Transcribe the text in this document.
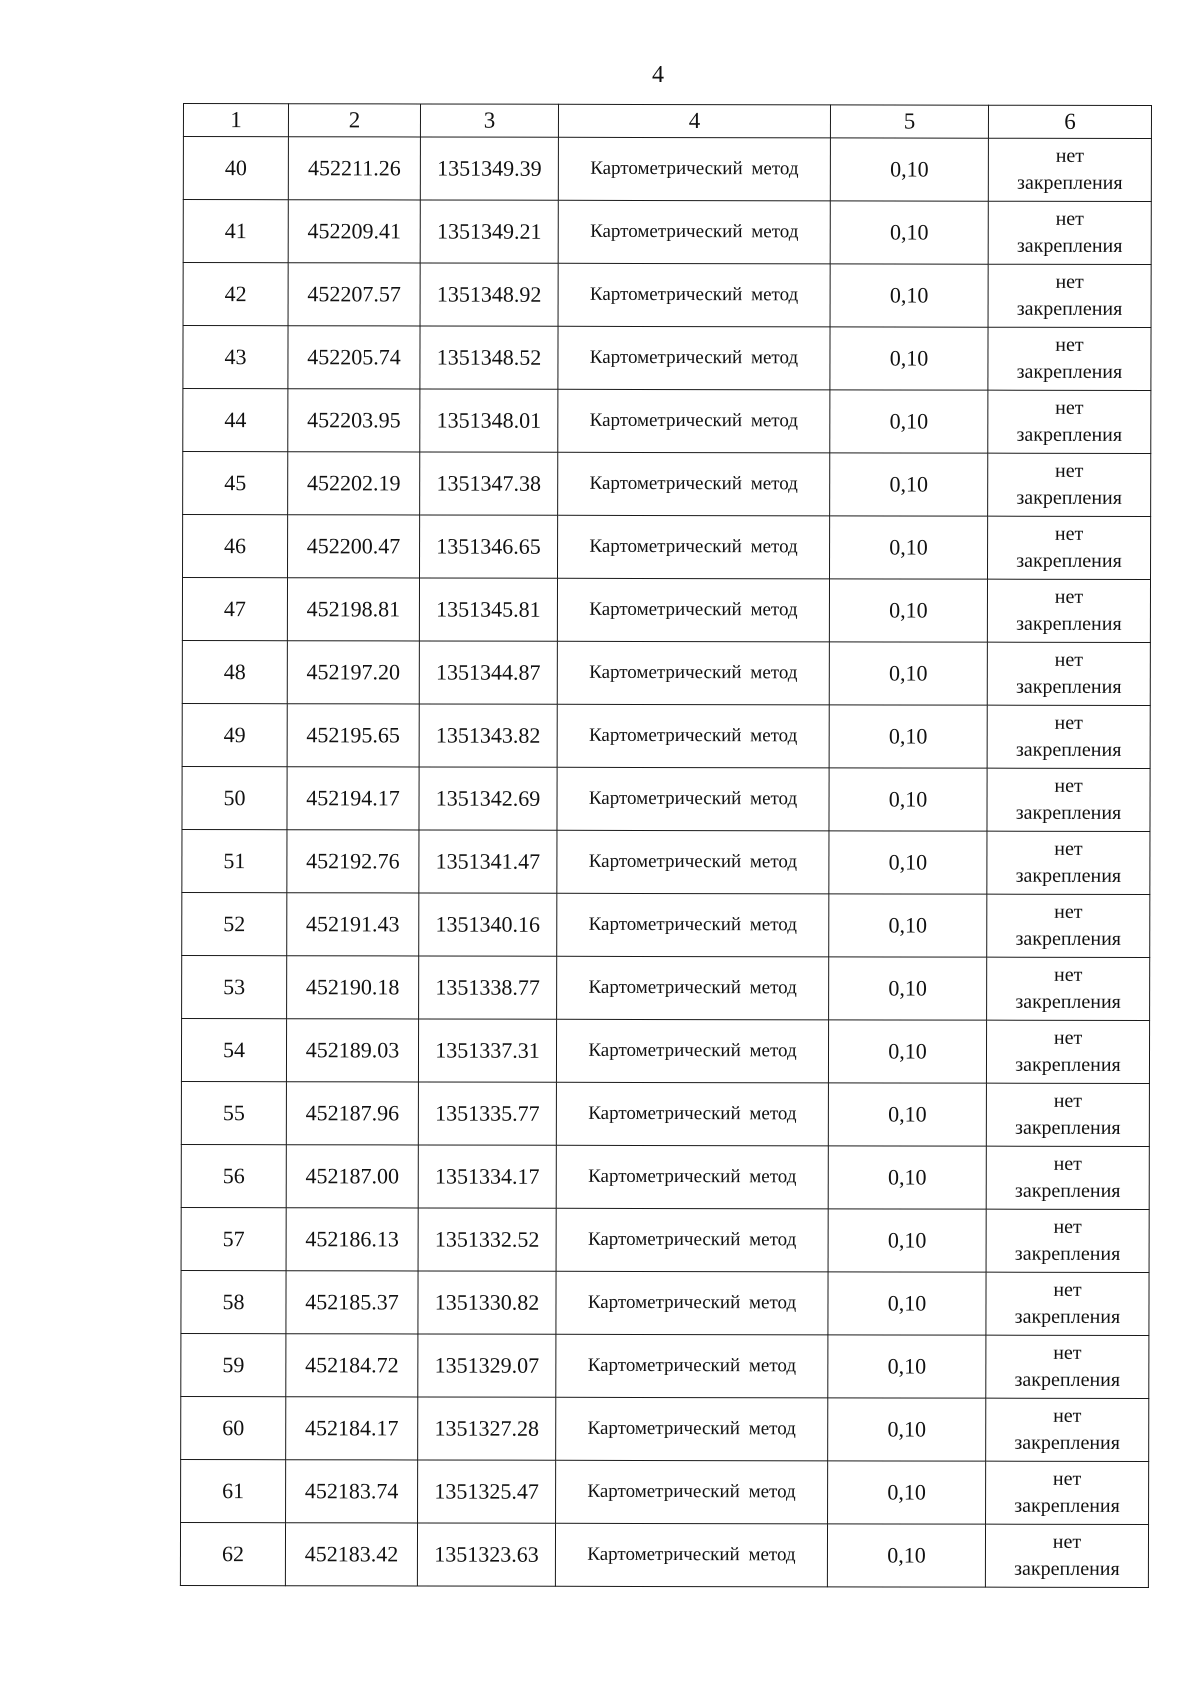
4
1	2	3	4	5	6
40	452211.26	1351349.39	Картометрический метод	0,10	нет
закрепления

41	452209.41	1351349.21	Картометрический метод	0,10	нет
закрепления

42	452207.57	1351348.92	Картометрический метод	0,10	нет
закрепления

43	452205.74	1351348.52	Картометрический метод	0,10	нет
закрепления

44	452203.95	1351348.01	Картометрический метод	0,10	нет
закрепления

45	452202.19	1351347.38	Картометрический метод	0,10	нет
закрепления

46	452200.47	1351346.65	Картометрический метод	0,10	нет
закрепления

47	452198.81	1351345.81	Картометрический метод	0,10	нет
закрепления

48	452197.20	1351344.87	Картометрический метод	0,10	нет
закрепления

49	452195.65	1351343.82	Картометрический метод	0,10	нет
закрепления

50	452194.17	1351342.69	Картометрический метод	0,10	нет
закрепления

51	452192.76	1351341.47	Картометрический метод	0,10	нет
закрепления

52	452191.43	1351340.16	Картометрический метод	0,10	нет
закрепления

53	452190.18	1351338.77	Картометрический метод	0,10	нет
закрепления

54	452189.03	1351337.31	Картометрический метод	0,10	нет
закрепления

55	452187.96	1351335.77	Картометрический метод	0,10	нет
закрепления

56	452187.00	1351334.17	Картометрический метод	0,10	нет
закрепления

57	452186.13	1351332.52	Картометрический метод	0,10	нет
закрепления

58	452185.37	1351330.82	Картометрический метод	0,10	нет
закрепления

59	452184.72	1351329.07	Картометрический метод	0,10	нет
закрепления

60	452184.17	1351327.28	Картометрический метод	0,10	нет
закрепления

61	452183.74	1351325.47	Картометрический метод	0,10	нет
закрепления

62	452183.42	1351323.63	Картометрический метод	0,10	нет
закрепления
